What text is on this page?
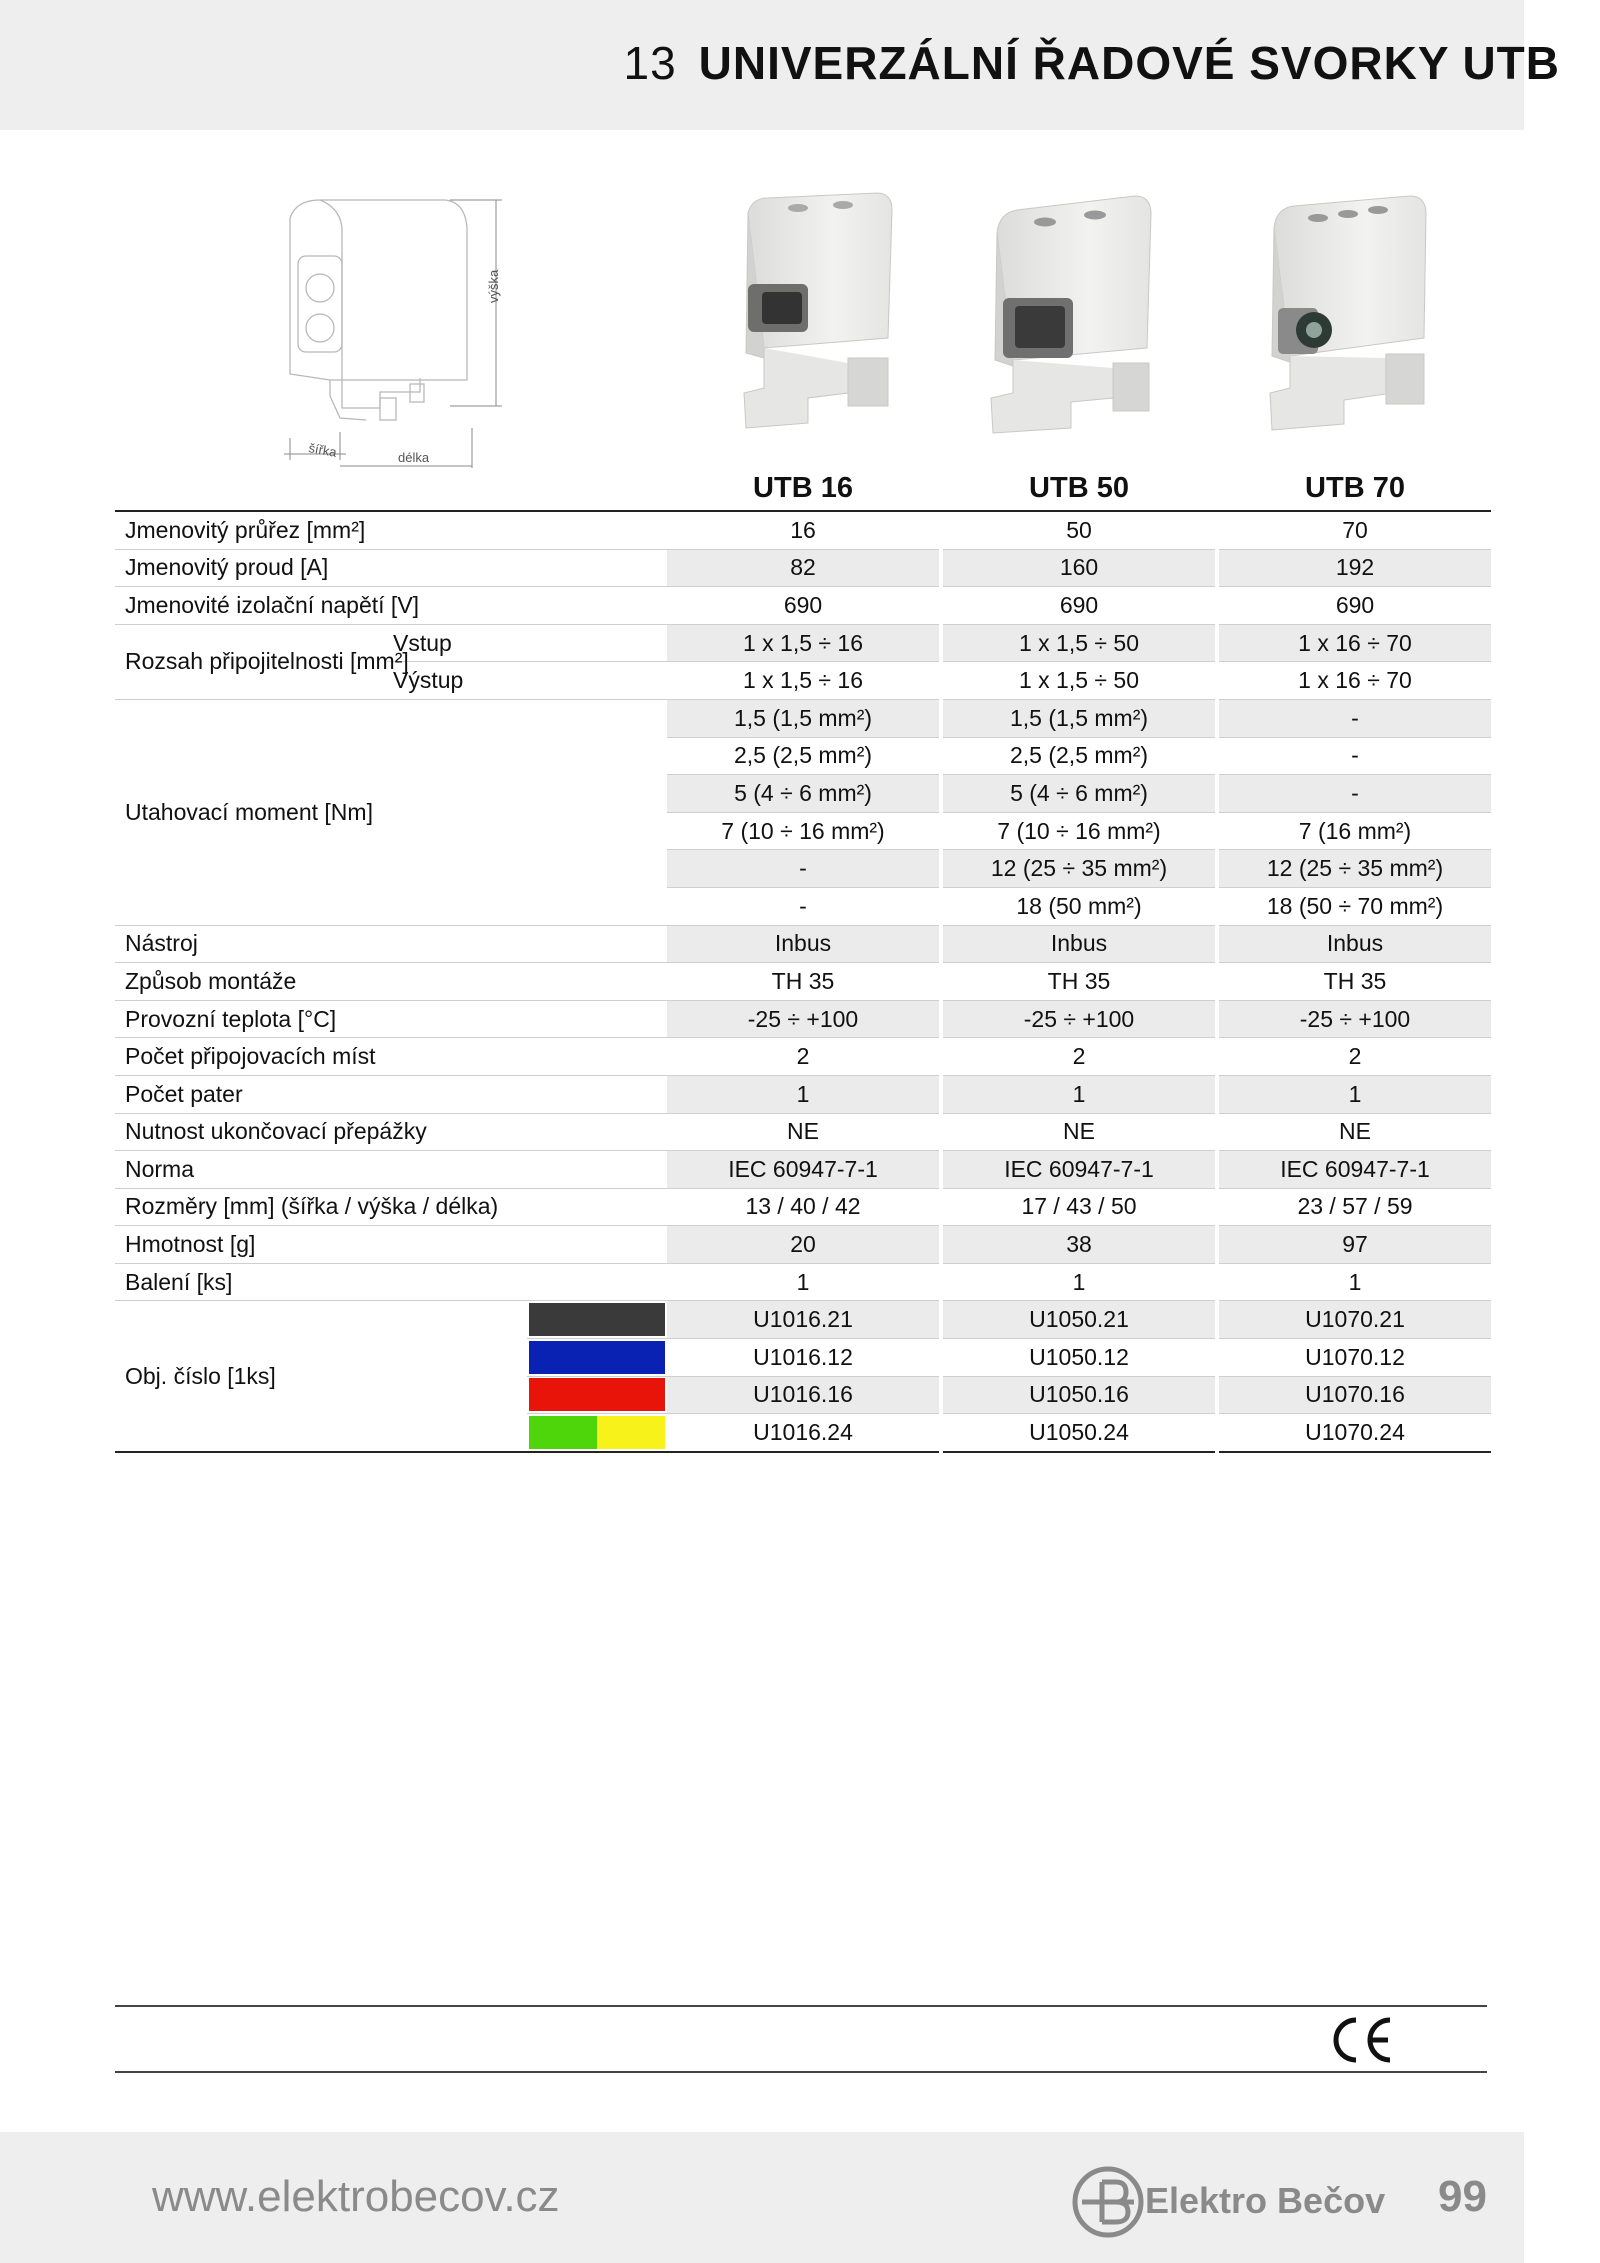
13 UNIVERZÁLNÍ ŘADOVÉ SVORKY UTB
výška
šířka	délka
			UTB 16		UTB 50		UTB 70
Jmenovitý průřez [mm²]			16		50		70
Jmenovitý proud [A]			82		160		192
Jmenovité izolační napětí [V]			690		690		690
Rozsah připojitelnosti [mm²]	Vstup		1 x 1,5 ÷ 16		1 x 1,5 ÷ 50		1 x 16 ÷ 70
	Výstup		1 x 1,5 ÷ 16		1 x 1,5 ÷ 50		1 x 16 ÷ 70
Utahovací moment [Nm]			1,5 (1,5 mm²)		1,5 (1,5 mm²)		-
			2,5 (2,5 mm²)		2,5 (2,5 mm²)		-
			5 (4 ÷ 6 mm²)		5 (4 ÷ 6 mm²)		-
			7 (10 ÷ 16 mm²)		7 (10 ÷ 16 mm²)		7 (16 mm²)
			-		12 (25 ÷ 35 mm²)		12 (25 ÷ 35 mm²)
			-		18 (50 mm²)		18 (50 ÷ 70 mm²)
Nástroj			Inbus		Inbus		Inbus
Způsob montáže			TH 35		TH 35		TH 35
Provozní teplota [°C]			-25 ÷ +100		-25 ÷ +100		-25 ÷ +100
Počet připojovacích míst			2		2		2
Počet pater			1		1		1
Nutnost ukončovací přepážky			NE		NE		NE
Norma			IEC 60947-7-1		IEC 60947-7-1		IEC 60947-7-1
Rozměry [mm] (šířka / výška / délka)			13 / 40 / 42		17 / 43 / 50		23 / 57 / 59
Hmotnost [g]			20		38		97
Balení [ks]			1		1		1
Obj. číslo [1ks]			U1016.21		U1050.21		U1070.21

			U1016.12		U1050.12		U1070.12

			U1016.16		U1050.16		U1070.16

			U1016.24		U1050.24		U1070.24
www.elektrobecov.cz	Elektro Bečov 99
